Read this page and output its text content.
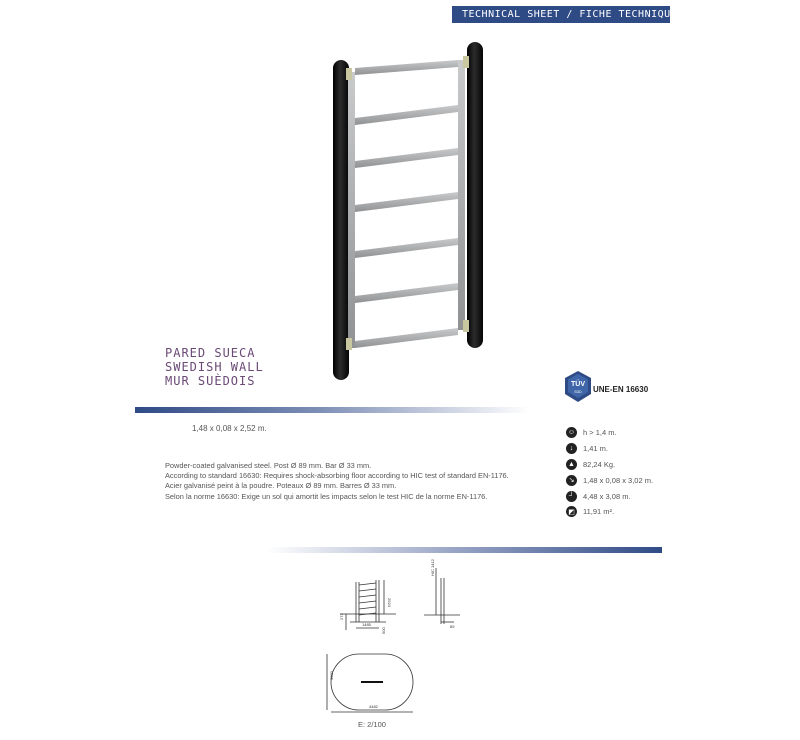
TECHNICAL SHEET / FICHE TECHNIQUE
PARED SUECA
SWEDISH WALL
MUR SUÈDOIS	TÜV
SÜD UNE-EN 16630
1,48 x 0,08 x 2,52 m.
Powder-coated galvanised steel. Post Ø 89 mm. Bar Ø 33 mm.
According to standard 16630: Requires shock-absorbing floor according to HIC test of standard EN-1176.
Acier galvanisé peint à la poudre. Poteaux Ø 89 mm. Barres Ø 33 mm.
Selon la norme 16630: Exige un sol qui amortit les impacts selon le test HIC de la norme EN-1176.
☺ h > 1,4 m.
↓	1,41 m.
▲ 82,24 Kg.
↘	1,48 x 0,08 x 3,02 m.
┘	4,48 x 3,08 m.
◩ 11,91 m².
2524
1485
273
500
HIC 1412
89
4482
3080
E: 2/100
